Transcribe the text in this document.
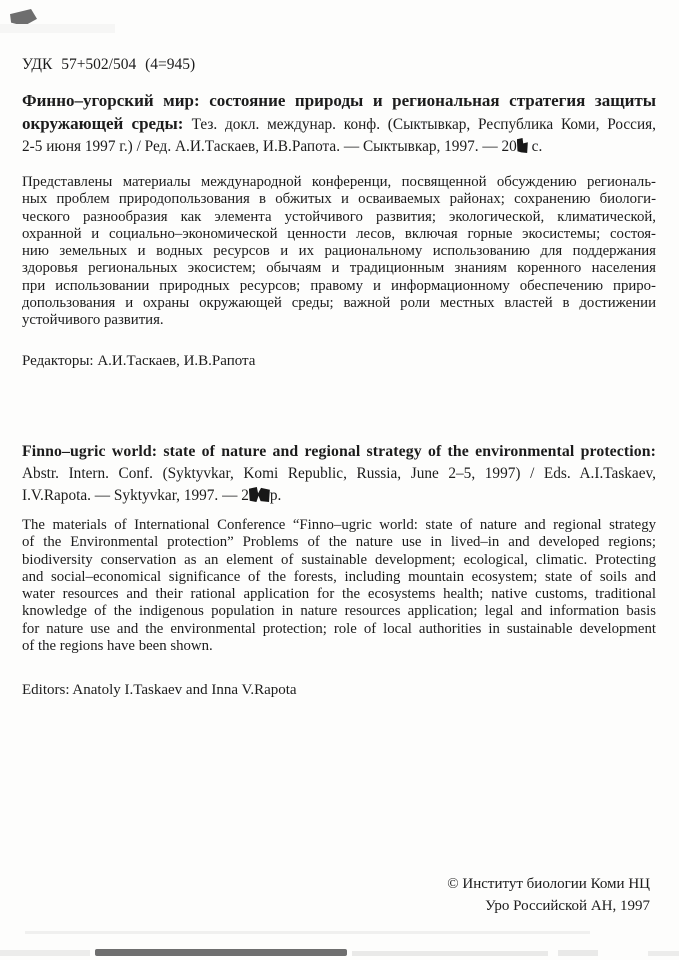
УДК 57+502/504 (4=945)
Финно–угорский мир: состояние природы и региональная стратегия защиты
окружающей среды: Тез. докл. междунар. конф. (Сыктывкар, Республика Коми, Россия,
2-5 июня 1997 г.) / Ред. А.И.Таскаев, И.В.Рапота. — Сыктывкар, 1997. — 20 с.
Представлены материалы международной конференци, посвященной обсуждению региональ-
ных проблем природопользования в обжитых и осваиваемых районах; сохранению биологи-
ческого разнообразия как элемента устойчивого развития; экологической, климатической,
охранной и социально–экономической ценности лесов, включая горные экосистемы; состоя-
нию земельных и водных ресурсов и их рациональному использованию для поддержания
здоровья региональных экосистем; обычаям и традиционным знаниям коренного населения
при использовании природных ресурсов; правому и информационному обеспечению приро-
допользования и охраны окружающей среды; важной роли местных властей в достижении
устойчивого развития.
Редакторы: А.И.Таскаев, И.В.Рапота
Finno–ugric world: state of nature and regional strategy of the environmental protection:
Abstr. Intern. Conf. (Syktyvkar, Komi Republic, Russia, June 2–5, 1997) / Eds. A.I.Taskaev,
I.V.Rapota. — Syktyvkar, 1997. — 2 p.
The materials of International Conference “Finno–ugric world: state of nature and regional strategy
of the Environmental protection” Problems of the nature use in lived–in and developed regions;
biodiversity conservation as an element of sustainable development; ecological, climatic. Protecting
and social–economical significance of the forests, including mountain ecosystem; state of soils and
water resources and their rational application for the ecosystems health; native customs, traditional
knowledge of the indigenous population in nature resources application; legal and information basis
for nature use and the environmental protection; role of local authorities in sustainable development
of the regions have been shown.
Editors: Anatoly I.Taskaev and Inna V.Rapota
© Институт биологии Коми НЦ
Уро Российской АН, 1997
